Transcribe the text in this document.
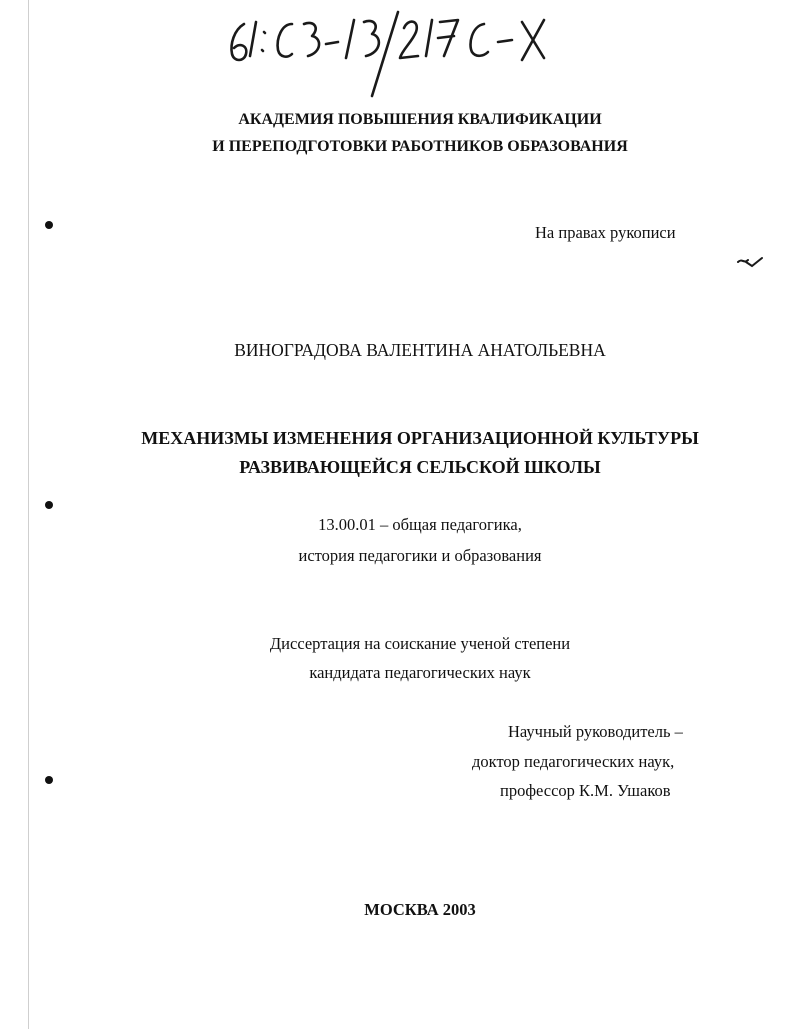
АКАДЕМИЯ ПОВЫШЕНИЯ КВАЛИФИКАЦИИ
И ПЕРЕПОДГОТОВКИ РАБОТНИКОВ ОБРАЗОВАНИЯ
На правах рукописи
ВИНОГРАДОВА ВАЛЕНТИНА АНАТОЛЬЕВНА
МЕХАНИЗМЫ ИЗМЕНЕНИЯ ОРГАНИЗАЦИОННОЙ КУЛЬТУРЫ
РАЗВИВАЮЩЕЙСЯ СЕЛЬСКОЙ ШКОЛЫ
13.00.01 – общая педагогика,
история педагогики и образования
Диссертация на соискание ученой степени
кандидата педагогических наук
Научный руководитель –
доктор педагогических наук,
профессор К.М. Ушаков
МОСКВА 2003
